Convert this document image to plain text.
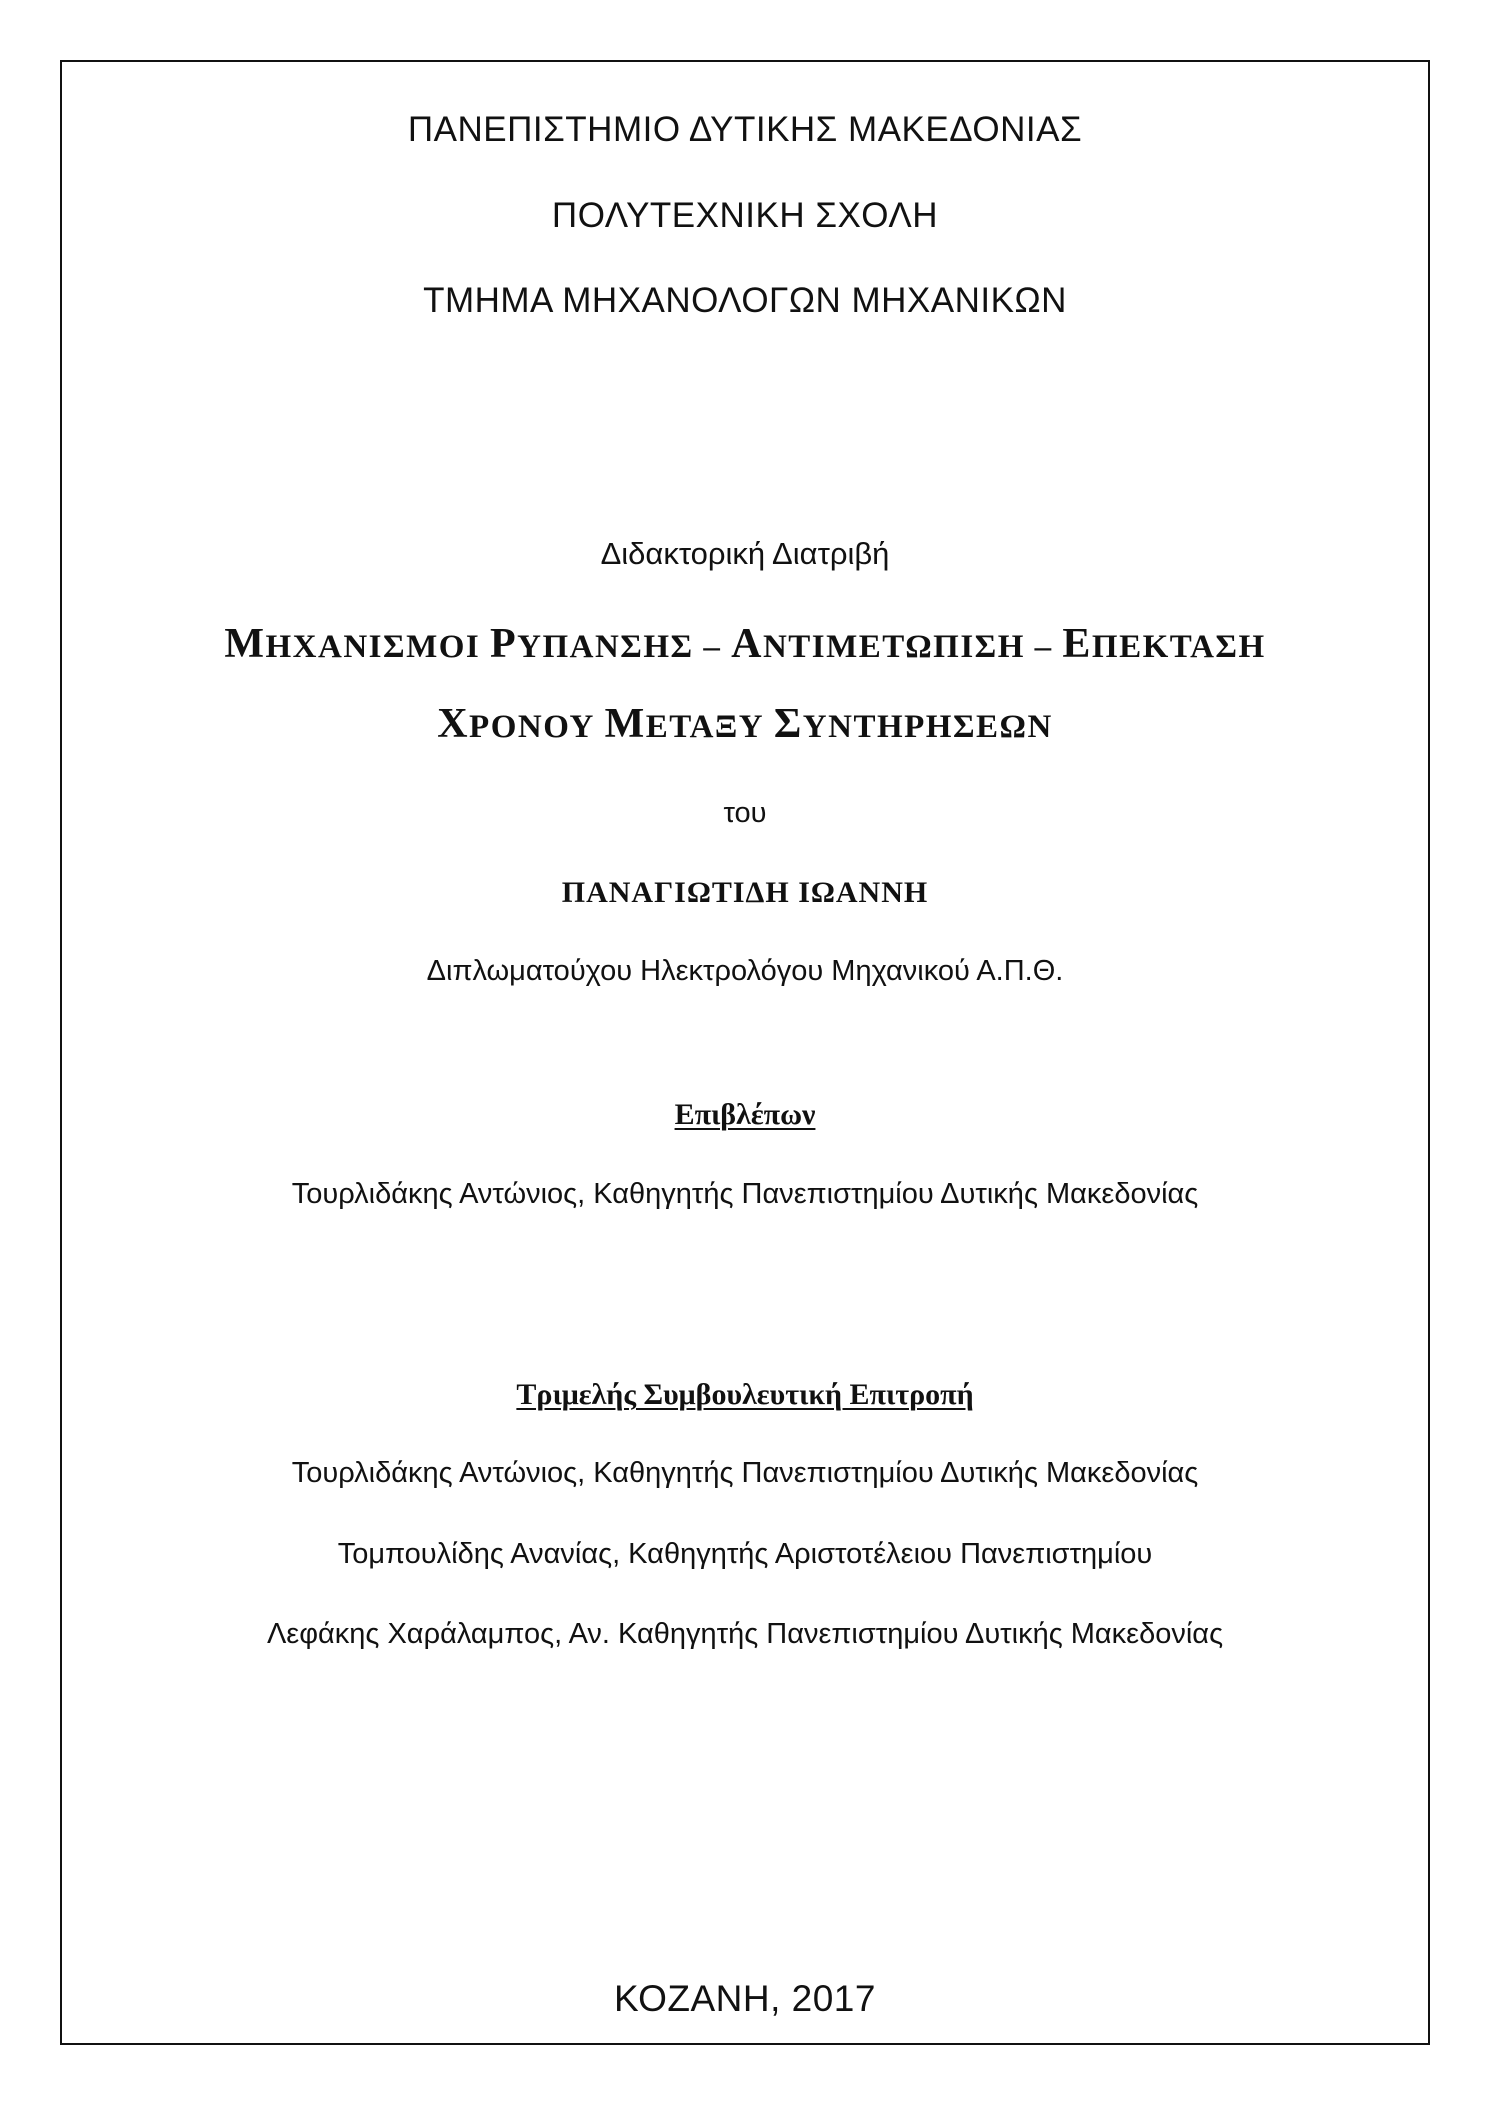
ΠΑΝΕΠΙΣΤΗΜΙΟ ΔΥΤΙΚΗΣ ΜΑΚΕΔΟΝΙΑΣ
ΠΟΛΥΤΕΧΝΙΚΗ ΣΧΟΛΗ
ΤΜΗΜΑ ΜΗΧΑΝΟΛΟΓΩΝ ΜΗΧΑΝΙΚΩΝ
Διδακτορική Διατριβή
ΜΗΧΑΝΙΣΜΟΙ ΡΥΠΑΝΣΗΣ – ΑΝΤΙΜΕΤΩΠΙΣΗ – ΕΠΕΚΤΑΣΗ
ΧΡΟΝΟΥ ΜΕΤΑΞΥ ΣΥΝΤΗΡΗΣΕΩΝ
του
ΠΑΝΑΓΙΩΤΙΔΗ ΙΩΑΝΝΗ
Διπλωματούχου Ηλεκτρολόγου Μηχανικού Α.Π.Θ.
Επιβλέπων
Τουρλιδάκης Αντώνιος, Καθηγητής Πανεπιστημίου Δυτικής Μακεδονίας
Τριμελής Συμβουλευτική Επιτροπή
Τουρλιδάκης Αντώνιος, Καθηγητής Πανεπιστημίου Δυτικής Μακεδονίας
Τομπουλίδης Ανανίας, Καθηγητής Αριστοτέλειου Πανεπιστημίου
Λεφάκης Χαράλαμπος, Αν. Καθηγητής Πανεπιστημίου Δυτικής Μακεδονίας
ΚΟΖΑΝΗ, 2017
